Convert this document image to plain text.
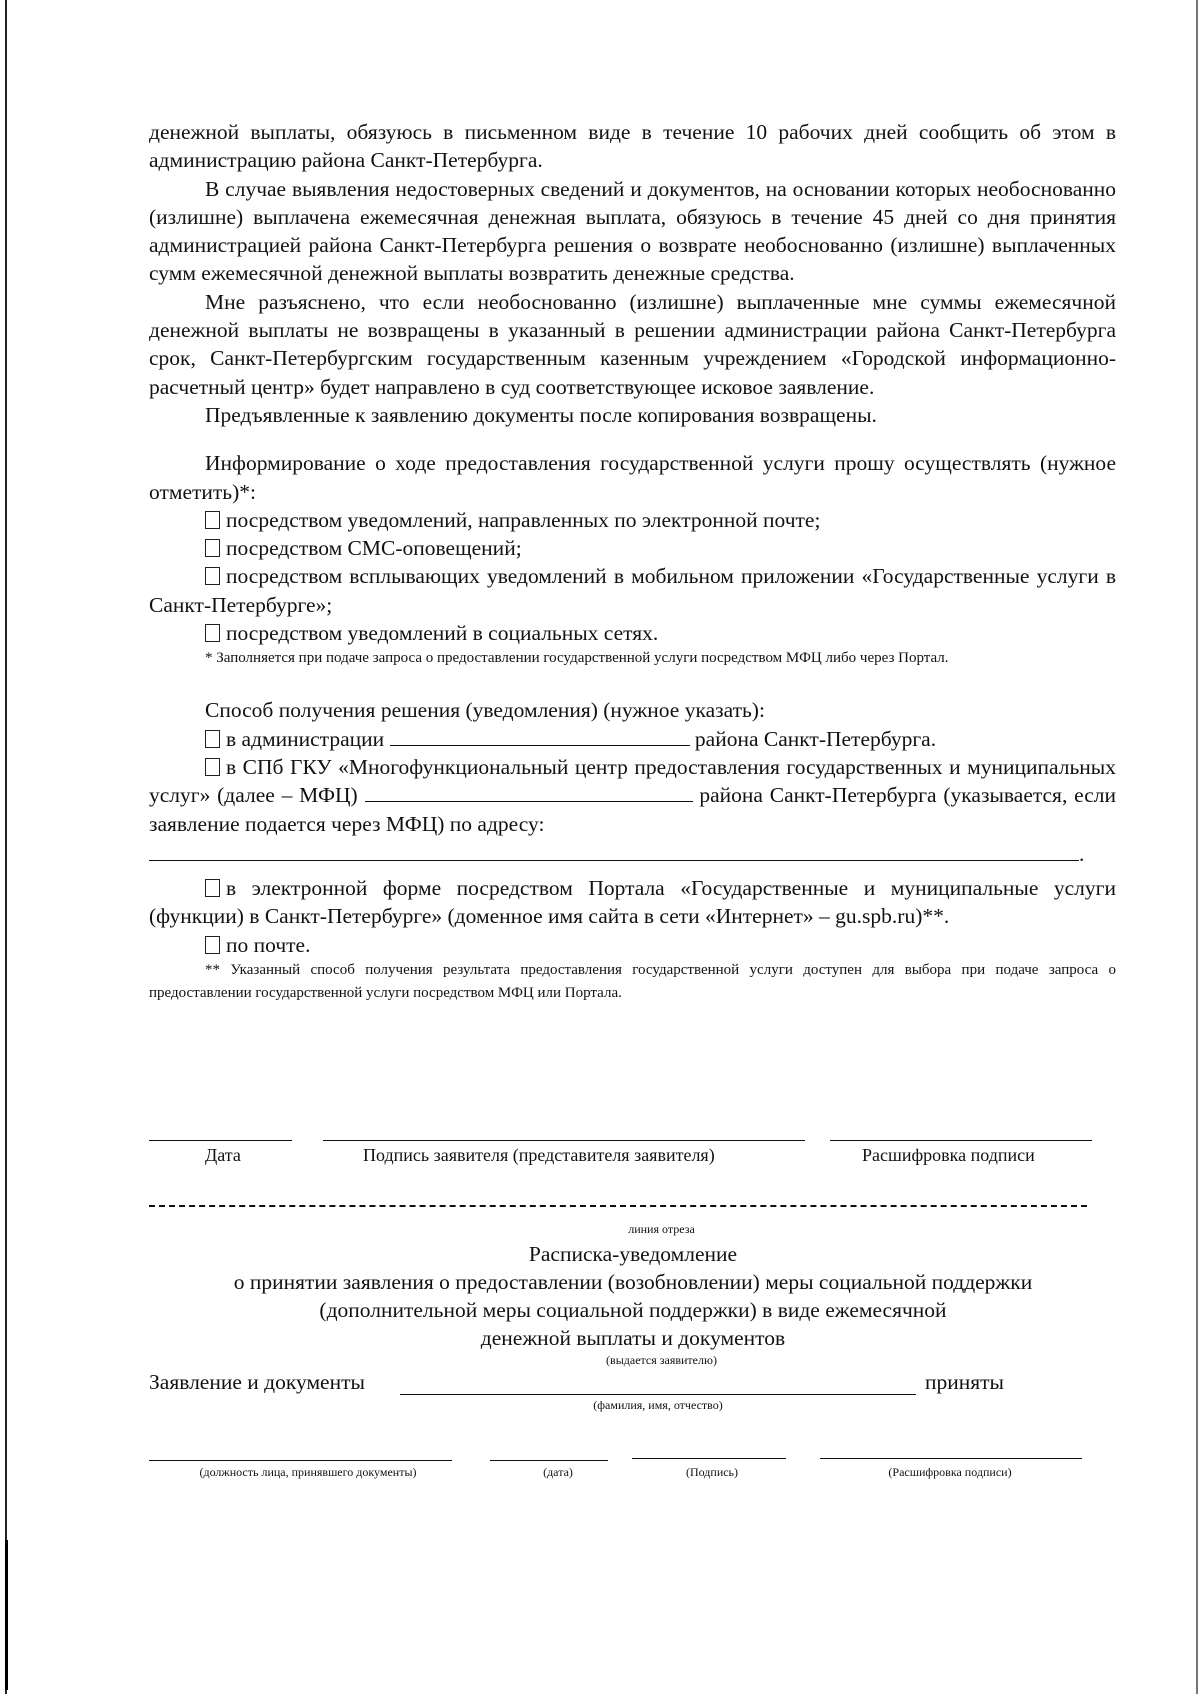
денежной выплаты, обязуюсь в письменном виде в течение 10 рабочих дней сообщить об этом в администрацию района Санкт-Петербурга.

В случае выявления недостоверных сведений и документов, на основании которых необоснованно (излишне) выплачена ежемесячная денежная выплата, обязуюсь в течение 45 дней со дня принятия администрацией района Санкт-Петербурга решения о возврате необоснованно (излишне) выплаченных сумм ежемесячной денежной выплаты возвратить денежные средства.

Мне разъяснено, что если необоснованно (излишне) выплаченные мне суммы ежемесячной денежной выплаты не возвращены в указанный в решении администрации района Санкт-Петербурга срок, Санкт-Петербургским государственным казенным учреждением «Городской информационно-расчетный центр» будет направлено в суд соответствующее исковое заявление.

Предъявленные к заявлению документы после копирования возвращены.

Информирование о ходе предоставления государственной услуги прошу осуществлять (нужное отметить)*:

посредством уведомлений, направленных по электронной почте;

посредством СМС-оповещений;

посредством всплывающих уведомлений в мобильном приложении «Государственные услуги в Санкт-Петербурге»;

посредством уведомлений в социальных сетях.

* Заполняется при подаче запроса о предоставлении государственной услуги посредством МФЦ либо через Портал.

Способ получения решения (уведомления) (нужное указать):

в администрации	района Санкт-Петербурга.

в СПб ГКУ «Многофункциональный центр предоставления государственных и муниципальных услуг» (далее – МФЦ)	района Санкт-Петербурга (указывается, если заявление подается через МФЦ) по адресу:

.

в электронной форме посредством Портала «Государственные и муниципальные услуги (функции) в Санкт-Петербурге» (доменное имя сайта в сети «Интернет» – gu.spb.ru)**.

по почте.

** Указанный способ получения результата предоставления государственной услуги доступен для выбора при подаче запроса о предоставлении государственной услуги посредством МФЦ или Портала.

Дата	Подпись заявителя (представителя заявителя)	Расшифровка подписи
линия отреза
Расписка-уведомление
о принятии заявления о предоставлении (возобновлении) меры социальной поддержки
(дополнительной меры социальной поддержки) в виде ежемесячной
денежной выплаты и документов
(выдается заявителю)
Заявление и документы	приняты
(фамилия, имя, отчество)
(должность лица, принявшего документы)	(дата)	(Подпись)	(Расшифровка подписи)
